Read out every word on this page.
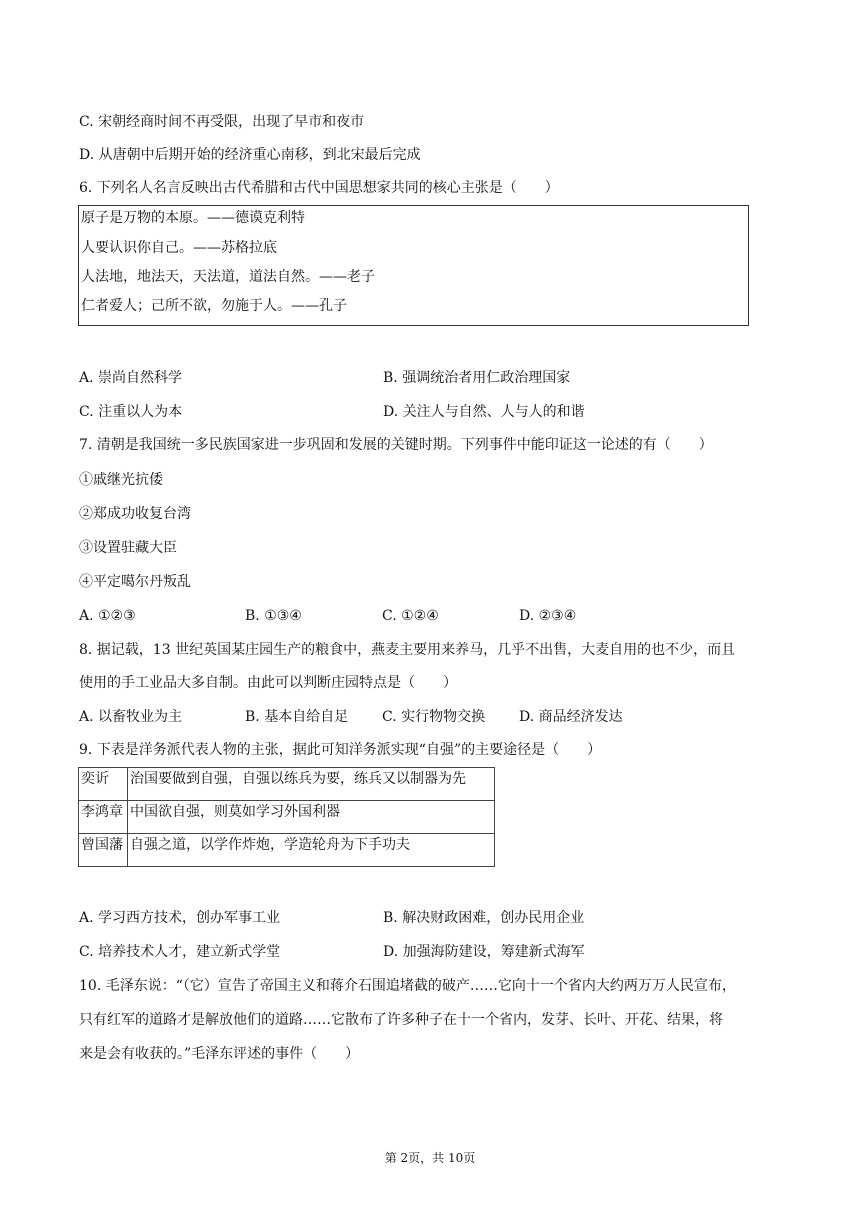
C. 宋朝经商时间不再受限，出现了早市和夜市
D. 从唐朝中后期开始的经济重心南移，到北宋最后完成
6. 下列名人名言反映出古代希腊和古代中国思想家共同的核心主张是（　　）
原子是万物的本原。——德谟克利特
人要认识你自己。——苏格拉底
人法地，地法天，天法道，道法自然。——老子
仁者爱人；己所不欲，勿施于人。——孔子
A. 崇尚自然科学	B. 强调统治者用仁政治理国家
C. 注重以人为本	D. 关注人与自然、人与人的和谐
7. 清朝是我国统一多民族国家进一步巩固和发展的关键时期。下列事件中能印证这一论述的有（　　）
①戚继光抗倭
②郑成功收复台湾
③设置驻藏大臣
④平定噶尔丹叛乱
A. ①②③	B. ①③④	C. ①②④	D. ②③④
8. 据记载，13 世纪英国某庄园生产的粮食中，燕麦主要用来养马，几乎不出售，大麦自用的也不少，而且
使用的手工业品大多自制。由此可以判断庄园特点是（　　）
A. 以畜牧业为主	B. 基本自给自足 C. 实行物物交换 D. 商品经济发达
9. 下表是洋务派代表人物的主张，据此可知洋务派实现“自强”的主要途径是（　　）
奕䜣	治国要做到自强，自强以练兵为要，练兵又以制器为先
李鸿章	中国欲自强，则莫如学习外国利器
曾国藩	自强之道，以学作炸炮，学造轮舟为下手功夫
A. 学习西方技术，创办军事工业	B. 解决财政困难，创办民用企业
C. 培养技术人才，建立新式学堂	D. 加强海防建设，筹建新式海军
10. 毛泽东说：“（它）宣告了帝国主义和蒋介石围追堵截的破产……它向十一个省内大约两万万人民宣布，
只有红军的道路才是解放他们的道路……它散布了许多种子在十一个省内，发芽、长叶、开花、结果，将
来是会有收获的。”毛泽东评述的事件（　　）
第 2页，共 10页
